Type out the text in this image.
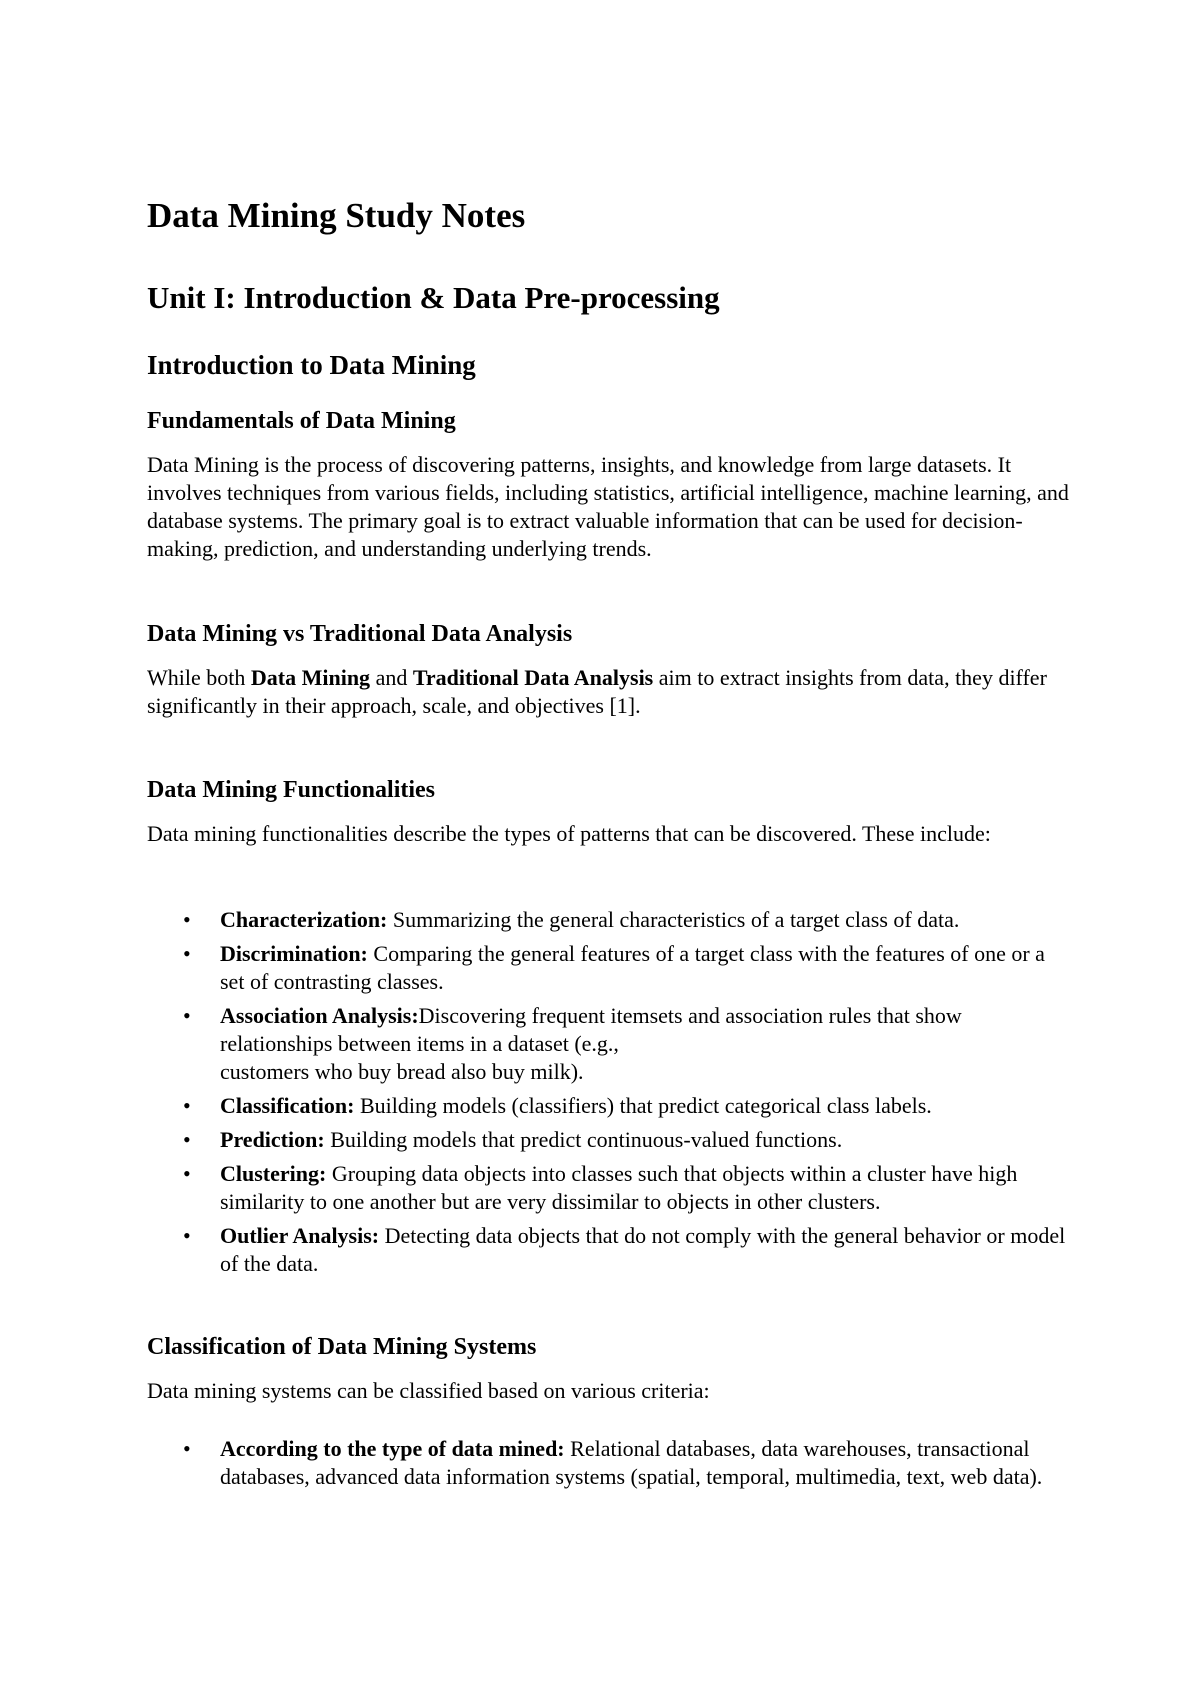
Data Mining Study Notes
Unit I: Introduction & Data Pre-processing
Introduction to Data Mining
Fundamentals of Data Mining

Data Mining is the process of discovering patterns, insights, and knowledge from large datasets. It involves techniques from various fields, including statistics, artificial intelligence, machine learning, and database systems. The primary goal is to extract valuable information that can be used for decision-making, prediction, and understanding underlying trends.

Data Mining vs Traditional Data Analysis

While both Data Mining and Traditional Data Analysis aim to extract insights from data, they differ significantly in their approach, scale, and objectives [1].

Data Mining Functionalities

Data mining functionalities describe the types of patterns that can be discovered. These include:

• Characterization: Summarizing the general characteristics of a target class of data.
• Discrimination: Comparing the general features of a target class with the features of one or a set of contrasting classes.
• Association Analysis:Discovering frequent itemsets and association rules that show relationships between items in a dataset (e.g.,
customers who buy bread also buy milk).
• Classification: Building models (classifiers) that predict categorical class labels.
• Prediction: Building models that predict continuous-valued functions.
• Clustering: Grouping data objects into classes such that objects within a cluster have high similarity to one another but are very dissimilar to objects in other clusters.
• Outlier Analysis: Detecting data objects that do not comply with the general behavior or model of the data.
Classification of Data Mining Systems

Data mining systems can be classified based on various criteria:

• According to the type of data mined: Relational databases, data warehouses, transactional databases, advanced data information systems (spatial, temporal, multimedia, text, web data).
